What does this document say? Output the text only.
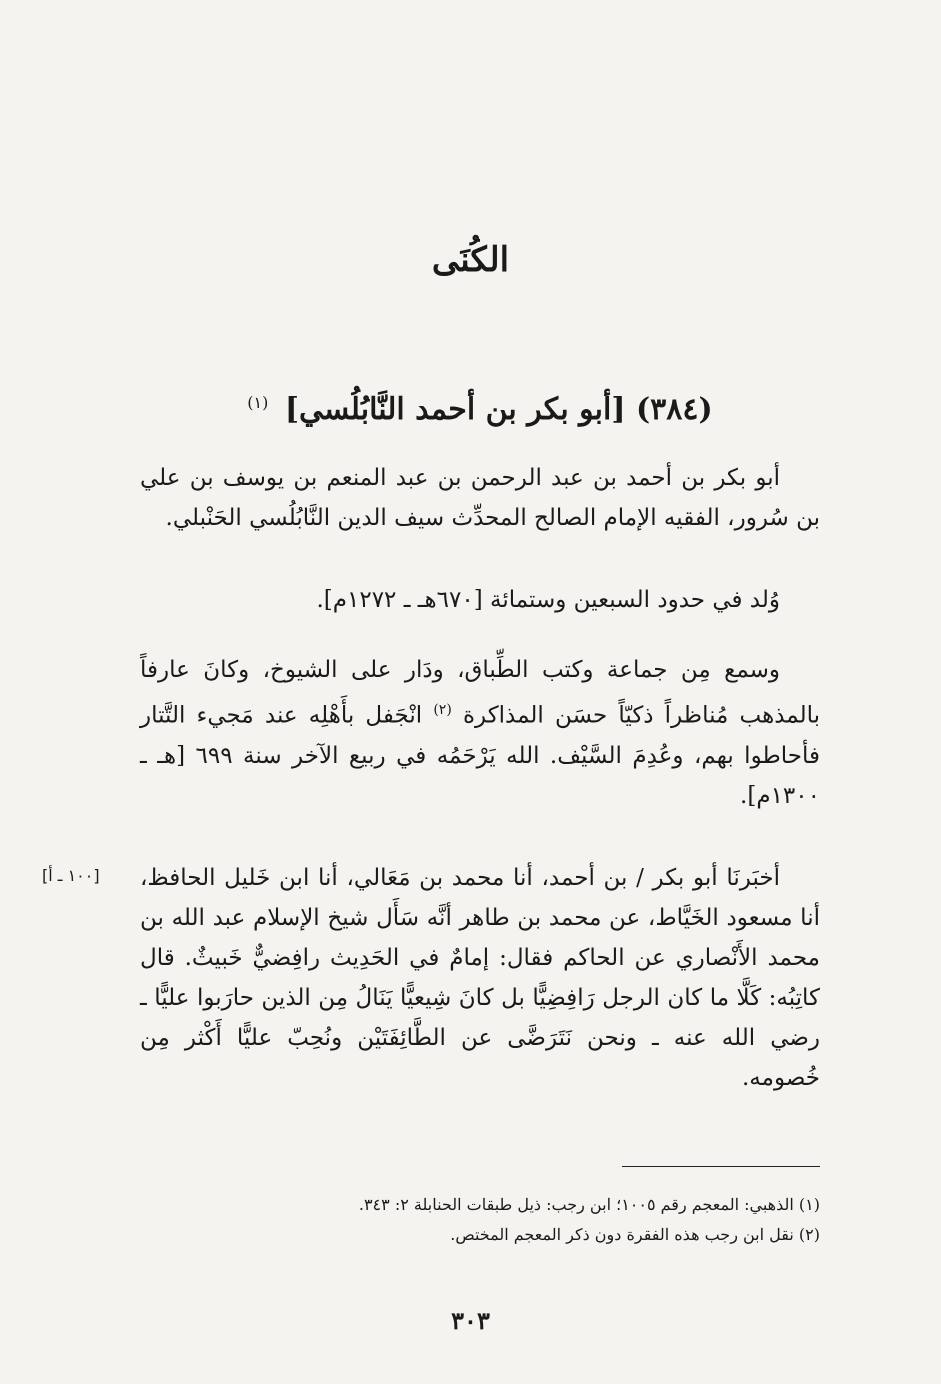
الكُنَى
(٣٨٤) [أبو بكر بن أحمد النَّابُلُسي] $^{(١)}$
أبو بكر بن أحمد بن عبد الرحمن بن عبد المنعم بن يوسف بن علي بن سُرور، الفقيه الإمام الصالح المحدِّث سيف الدين النَّابُلُسي الحَنْبلي.
وُلد في حدود السبعين وستمائة [٦٧٠هـ ـ ١٢٧٢م].
وسمع مِن جماعة وكتب الطِّباق، ودَار على الشيوخ، وكانَ عارفاً بالمذهب مُناظراً ذكيّاً حسَن المذاكرة $^{(٢)}$ انْجَفل بأَهْلِه عند مَجيء التَّتار فأحاطوا بهم، وعُدِمَ السَّيْف. الله يَرْحَمُه في ربيع الآخر سنة ٦٩٩ [هـ ـ ١٣٠٠م].
أخبَرنَا أبو بكر / بن أحمد، أنا محمد بن مَعَالي، أنا ابن خَليل الحافظ، أنا مسعود الخَيَّاط، عن محمد بن طاهر أنَّه سَأَل شيخ الإسلام عبد الله بن محمد الأَنْصاري عن الحاكم فقال: إمامٌ في الحَدِيث رافِضيٌّ خَبيثٌ. قال كاتِبُه: كَلَّا ما كان الرجل رَافِضِيًّا بل كانَ شِيعيًّا يَنَالُ مِن الذين حارَبوا عليًّا ـ رضي الله عنه ـ ونحن نَتَرَضَّى عن الطَّائِفَتَيْن ونُحِبّ عليًّا أَكْثر مِن خُصومه.
[١٠٠ ـ أ]
(١) الذهبي: المعجم رقم ١٠٠٥؛ ابن رجب: ذيل طبقات الحنابلة ٢: ٣٤٣.
(٢) نقل ابن رجب هذه الفقرة دون ذكر المعجم المختص.
٣٠٣
